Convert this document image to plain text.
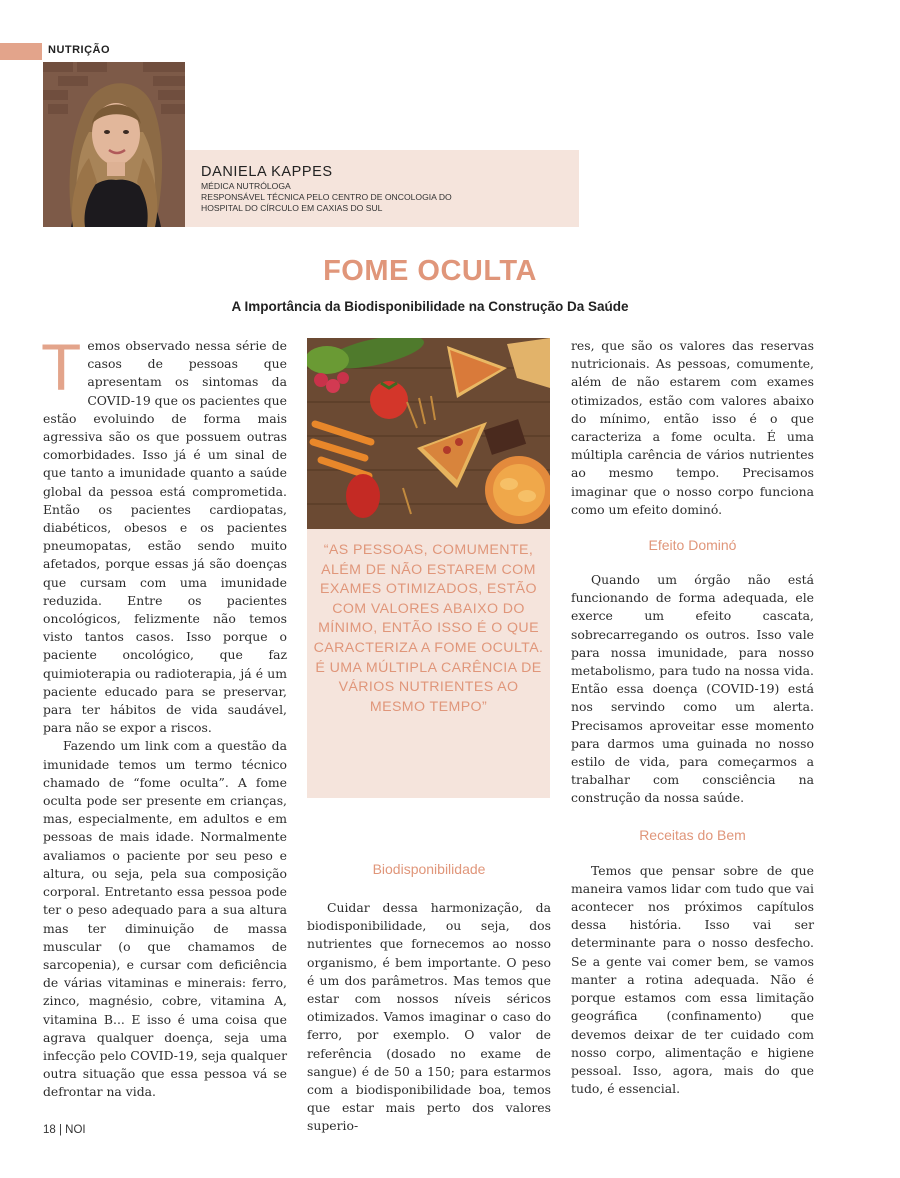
NUTRIÇÃO
DANIELA KAPPES
MÉDICA NUTRÓLOGA
RESPONSÁVEL TÉCNICA PELO CENTRO DE ONCOLOGIA DO
HOSPITAL DO CÍRCULO EM CAXIAS DO SUL
FOME OCULTA
A Importância da Biodisponibilidade na Construção Da Saúde
T emos observado nessa série de casos de pessoas que apresentam os sintomas da COVID-19 que os pacientes que estão evoluindo de forma mais agressiva são os que possuem outras comorbidades. Isso já é um sinal de que tanto a imunidade quanto a saúde global da pessoa está comprometida. Então os pacientes cardiopatas, diabéticos, obesos e os pacientes pneumopatas, estão sendo muito afetados, porque essas já são doenças que cursam com uma imunidade reduzida. Entre os pacientes oncológicos, felizmente não temos visto tantos casos. Isso porque o paciente oncológico, que faz quimioterapia ou radioterapia, já é um paciente educado para se preservar, para ter hábitos de vida saudável, para não se expor a riscos.

Fazendo um link com a questão da imunidade temos um termo técnico chamado de “fome oculta”. A fome oculta pode ser presente em crianças, mas, especialmente, em adultos e em pessoas de mais idade. Normalmente avaliamos o paciente por seu peso e altura, ou seja, pela sua composição corporal. Entretanto essa pessoa pode ter o peso adequado para a sua altura mas ter diminuição de massa muscular (o que chamamos de sarcopenia), e cursar com deficiência de várias vitaminas e minerais: ferro, zinco, magnésio, cobre, vitamina A, vitamina B... E isso é uma coisa que agrava qualquer doença, seja uma infecção pelo COVID-19, seja qualquer outra situação que essa pessoa vá se defrontar na vida.

“AS PESSOAS, COMUMENTE, ALÉM DE NÃO ESTAREM COM EXAMES OTIMIZADOS, ESTÃO COM VALORES ABAIXO DO MÍNIMO, ENTÃO ISSO É O QUE CARACTERIZA A FOME OCULTA. É UMA MÚLTIPLA CARÊNCIA DE VÁRIOS NUTRIENTES AO MESMO TEMPO”
Biodisponibilidade

Cuidar dessa harmonização, da biodisponibilidade, ou seja, dos nutrientes que fornecemos ao nosso organismo, é bem importante. O peso é um dos parâmetros. Mas temos que estar com nossos níveis séricos otimizados. Vamos imaginar o caso do ferro, por exemplo. O valor de referência (dosado no exame de sangue) é de 50 a 150; para estarmos com a biodisponibilidade boa, temos que estar mais perto dos valores superio-

res, que são os valores das reservas nutricionais. As pessoas, comumente, além de não estarem com exames otimizados, estão com valores abaixo do mínimo, então isso é o que caracteriza a fome oculta. É uma múltipla carência de vários nutrientes ao mesmo tempo. Precisamos imaginar que o nosso corpo funciona como um efeito dominó.

Efeito Dominó

Quando um órgão não está funcionando de forma adequada, ele exerce um efeito cascata, sobrecarregando os outros. Isso vale para nossa imunidade, para nosso metabolismo, para tudo na nossa vida. Então essa doença (COVID-19) está nos servindo como um alerta. Precisamos aproveitar esse momento para darmos uma guinada no nosso estilo de vida, para começarmos a trabalhar com consciência na construção da nossa saúde.

Receitas do Bem

Temos que pensar sobre de que maneira vamos lidar com tudo que vai acontecer nos próximos capítulos dessa história. Isso vai ser determinante para o nosso desfecho. Se a gente vai comer bem, se vamos manter a rotina adequada. Não é porque estamos com essa limitação geográfica (confinamento) que devemos deixar de ter cuidado com nosso corpo, alimentação e higiene pessoal. Isso, agora, mais do que tudo, é essencial.

18 | NOI
